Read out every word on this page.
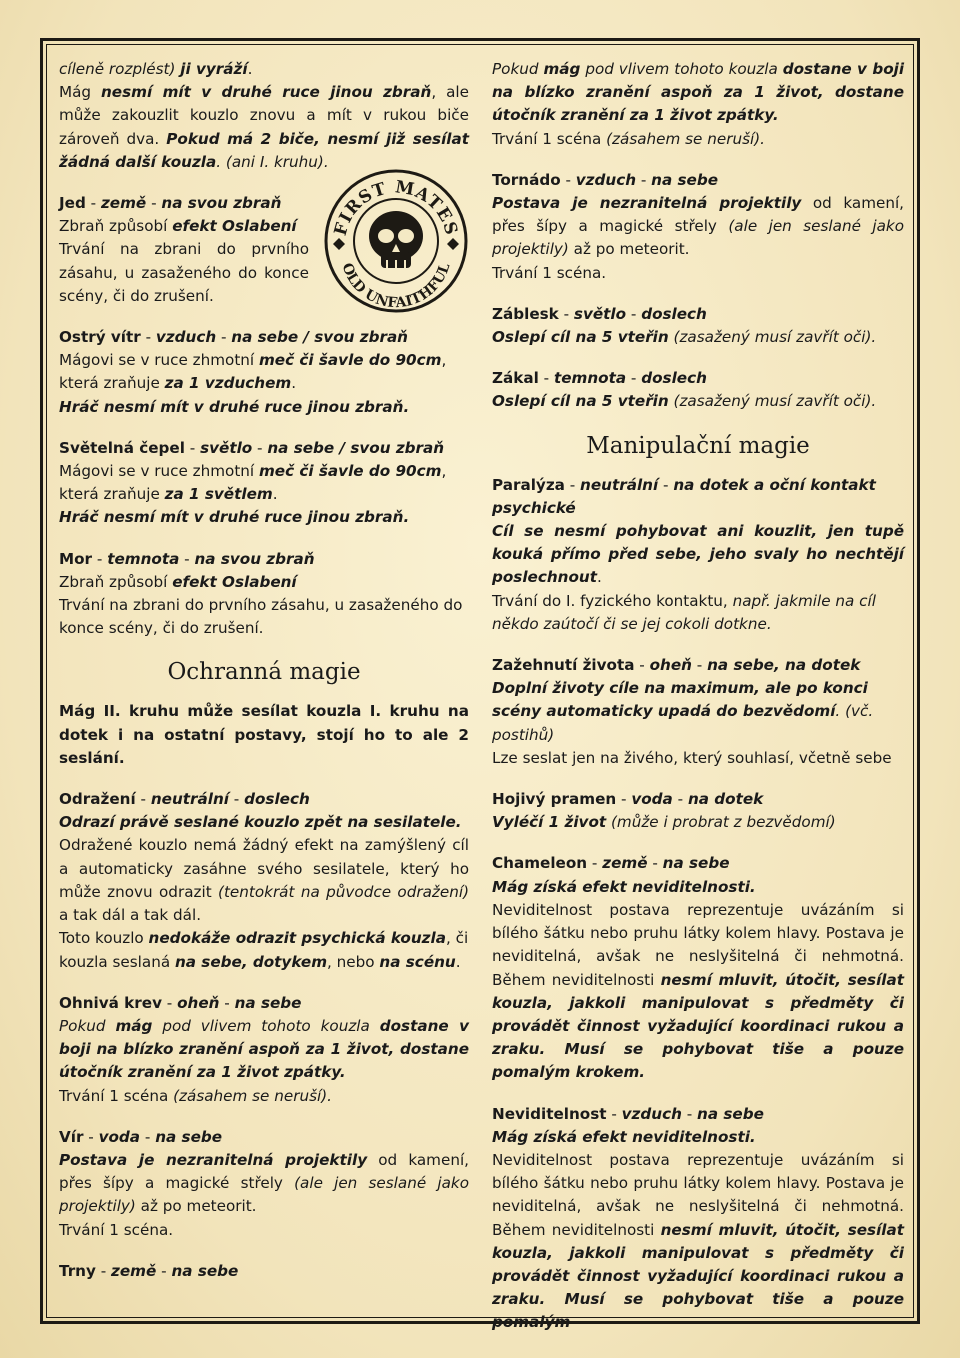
FIRST MATES
OLD UNFAITHFUL

cíleně rozplést) ji vyráží.
Mág nesmí mít v druhé ruce jinou zbraň, ale může zakouzlit kouzlo znovu a mít v rukou biče zároveň dva. Pokud má 2 biče, nesmí již sesílat žádná další kouzla. (ani I. kruhu).

Jed - země - na svou zbraň

Zbraň způsobí efekt Oslabení

Trvání na zbrani do prvního zásahu, u zasaženého do konce scény, či do zrušení.

Ostrý vítr - vzduch - na sebe / svou zbraň

Mágovi se v ruce zhmotní meč či šavle do 90cm, která zraňuje za 1 vzduchem.

Hráč nesmí mít v druhé ruce jinou zbraň.

Světelná čepel - světlo - na sebe / svou zbraň

Mágovi se v ruce zhmotní meč či šavle do 90cm, která zraňuje za 1 světlem.

Hráč nesmí mít v druhé ruce jinou zbraň.

Mor - temnota - na svou zbraň

Zbraň způsobí efekt Oslabení

Trvání na zbrani do prvního zásahu, u zasaženého do konce scény, či do zrušení.

Ochranná magie

Mág II. kruhu může sesílat kouzla I. kruhu na dotek i na ostatní postavy, stojí ho to ale 2 seslání.

Odražení - neutrální - doslech

Odrazí právě seslané kouzlo zpět na sesilatele.

Odražené kouzlo nemá žádný efekt na zamýšlený cíl a automaticky zasáhne svého sesilatele, který ho může znovu odrazit (tentokrát na původce odražení) a tak dál a tak dál.

Toto kouzlo nedokáže odrazit psychická kouzla, či kouzla seslaná na sebe, dotykem, nebo na scénu.

Ohnivá krev - oheň - na sebe

Pokud mág pod vlivem tohoto kouzla dostane v boji na blízko zranění aspoň za 1 život, dostane útočník zranění za 1 život zpátky.

Trvání 1 scéna (zásahem se neruší).

Vír - voda - na sebe

Postava je nezranitelná projektily od kamení, přes šípy a magické střely (ale jen seslané jako projektily) až po meteorit.

Trvání 1 scéna.

Trny - země - na sebe

Pokud mág pod vlivem tohoto kouzla dostane v boji na blízko zranění aspoň za 1 život, dostane útočník zranění za 1 život zpátky.

Trvání 1 scéna (zásahem se neruší).

Tornádo - vzduch - na sebe

Postava je nezranitelná projektily od kamení, přes šípy a magické střely (ale jen seslané jako projektily) až po meteorit.

Trvání 1 scéna.

Záblesk - světlo - doslech

Oslepí cíl na 5 vteřin (zasažený musí zavřít oči).

Zákal - temnota - doslech

Oslepí cíl na 5 vteřin (zasažený musí zavřít oči).

Manipulační magie

Paralýza - neutrální - na dotek a oční kontakt

psychické

Cíl se nesmí pohybovat ani kouzlit, jen tupě kouká přímo před sebe, jeho svaly ho nechtějí poslechnout.

Trvání do I. fyzického kontaktu, např. jakmile na cíl někdo zaútočí či se jej cokoli dotkne.

Zažehnutí života - oheň - na sebe, na dotek

Doplní životy cíle na maximum, ale po konci scény automaticky upadá do bezvědomí. (vč. postihů)

Lze seslat jen na živého, který souhlasí, včetně sebe

Hojivý pramen - voda - na dotek

Vyléčí 1 život (může i probrat z bezvědomí)

Chameleon - země - na sebe

Mág získá efekt neviditelnosti.

Neviditelnost postava reprezentuje uvázáním si bílého šátku nebo pruhu látky kolem hlavy. Postava je neviditelná, avšak ne neslyšitelná či nehmotná. Během neviditelnosti nesmí mluvit, útočit, sesílat kouzla, jakkoli manipulovat s předměty či provádět činnost vyžadující koordinaci rukou a zraku. Musí se pohybovat tiše a pouze pomalým krokem.

Neviditelnost - vzduch - na sebe

Mág získá efekt neviditelnosti.

Neviditelnost postava reprezentuje uvázáním si bílého šátku nebo pruhu látky kolem hlavy. Postava je neviditelná, avšak ne neslyšitelná či nehmotná. Během neviditelnosti nesmí mluvit, útočit, sesílat kouzla, jakkoli manipulovat s předměty či provádět činnost vyžadující koordinaci rukou a zraku. Musí se pohybovat tiše a pouze pomalým
